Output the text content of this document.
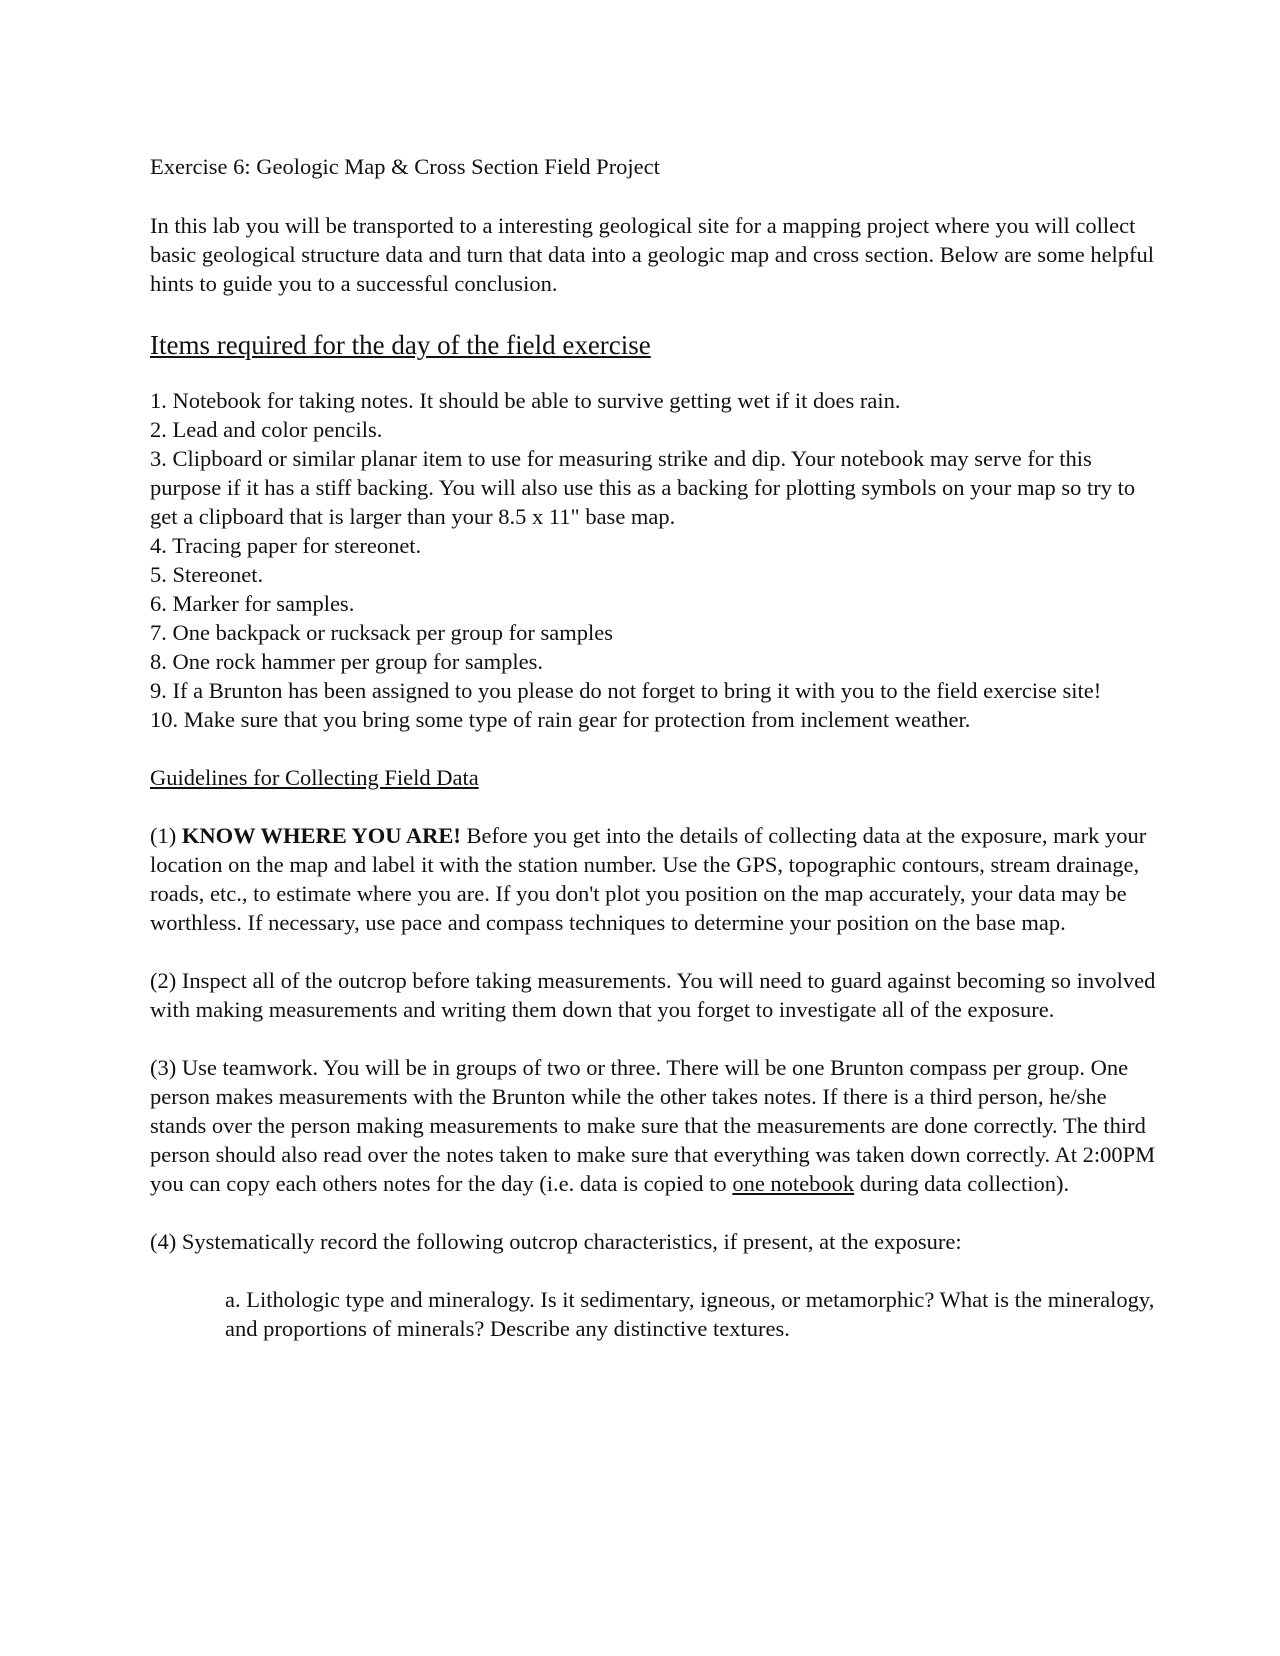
Exercise 6: Geologic Map & Cross Section Field Project

In this lab you will be transported to a interesting geological site for a mapping project where you will collect basic geological structure data and turn that data into a geologic map and cross section. Below are some helpful hints to guide you to a successful conclusion.

Items required for the day of the field exercise

1. Notebook for taking notes. It should be able to survive getting wet if it does rain.

2. Lead and color pencils.

3. Clipboard or similar planar item to use for measuring strike and dip. Your notebook may serve for this purpose if it has a stiff backing. You will also use this as a backing for plotting symbols on your map so try to get a clipboard that is larger than your 8.5 x 11" base map.

4. Tracing paper for stereonet.

5. Stereonet.

6. Marker for samples.

7. One backpack or rucksack per group for samples

8. One rock hammer per group for samples.

9. If a Brunton has been assigned to you please do not forget to bring it with you to the field exercise site!

10. Make sure that you bring some type of rain gear for protection from inclement weather.

Guidelines for Collecting Field Data

(1) KNOW WHERE YOU ARE! Before you get into the details of collecting data at the exposure, mark your location on the map and label it with the station number. Use the GPS, topographic contours, stream drainage, roads, etc., to estimate where you are. If you don't plot you position on the map accurately, your data may be worthless. If necessary, use pace and compass techniques to determine your position on the base map.

(2) Inspect all of the outcrop before taking measurements. You will need to guard against becoming so involved with making measurements and writing them down that you forget to investigate all of the exposure.

(3) Use teamwork. You will be in groups of two or three. There will be one Brunton compass per group. One person makes measurements with the Brunton while the other takes notes. If there is a third person, he/she stands over the person making measurements to make sure that the measurements are done correctly. The third person should also read over the notes taken to make sure that everything was taken down correctly. At 2:00PM you can copy each others notes for the day (i.e. data is copied to one notebook during data collection).

(4) Systematically record the following outcrop characteristics, if present, at the exposure:

a. Lithologic type and mineralogy. Is it sedimentary, igneous, or metamorphic? What is the mineralogy, and proportions of minerals? Describe any distinctive textures.
